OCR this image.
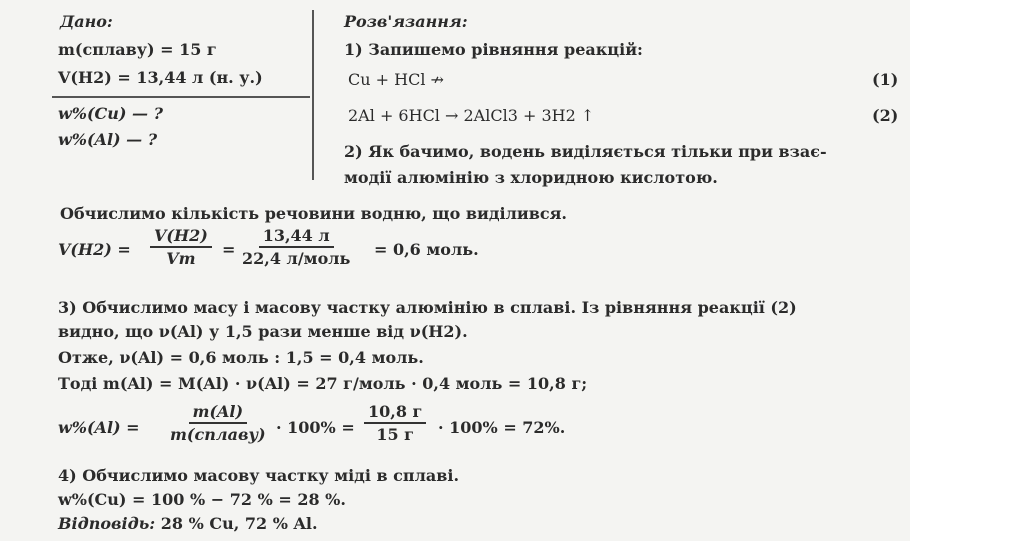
Дано:
m(сплаву) = 15 г
V(H2) = 13,44 л (н. у.)
w%(Cu) — ?
w%(Al) — ?
Розв'язання:
1) Запишемо рівняння реакцій:
Cu + HCl ↛	(1)
2Al + 6HCl → 2AlCl3 + 3H2 ↑	(2)
2) Як бачимо, водень виділяється тільки при взає-
модії алюмінію з хлоридною кислотою.
Обчислимо кількість речовини водню, що виділився.
$V(H2) = \frac{V(H2)}{Vm}$ =
13,44 л
22,4 л/моль = 0,6 моль.
3) Обчислимо масу і масову частку алюмінію в сплаві. Із рівняння реакції (2)
видно, що ν(Al) у 1,5 рази менше від ν(H2).
Отже, ν(Al) = 0,6 моль : 1,5 = 0,4 моль.
Тоді m(Al) = M(Al) · ν(Al) = 27 г/моль · 0,4 моль = 10,8 г;
w%(Al) =
m(Al)
m(сплаву) · 100% =
10,8 г
15 г · 100% = 72%.
4) Обчислимо масову частку міді в сплаві.
w%(Cu) = 100 % − 72 % = 28 %.
Відповідь: 28 % Cu, 72 % Al.
